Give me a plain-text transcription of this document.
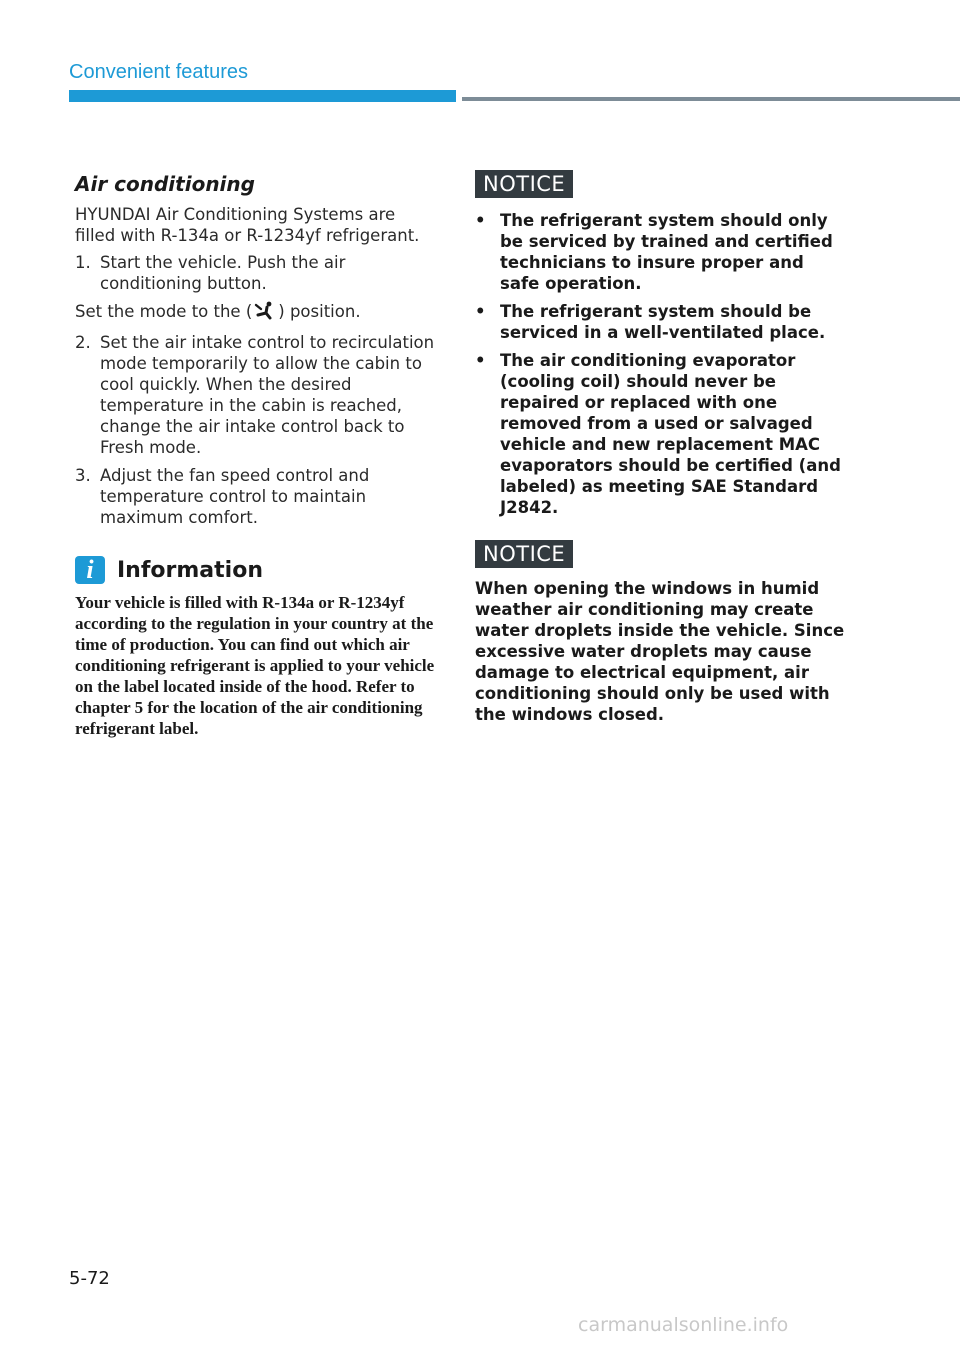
Convenient features
Air conditioning

HYUNDAI Air Conditioning Systems are filled with R-134a or R-1234yf refrigerant.

1. Start the vehicle. Push the air conditioning button.

Set the mode to the ( ) position.

2. Set the air intake control to recirculation mode temporarily to allow the cabin to cool quickly. When the desired temperature in the cabin is reached, change the air intake control back to Fresh mode.
3. Adjust the fan speed control and temperature control to maintain maximum comfort.
i	Information
Your vehicle is filled with R-134a or R-1234yf according to the regulation in your country at the time of production. You can find out which air conditioning refrigerant is applied to your vehicle on the label located inside of the hood. Refer to chapter 5 for the location of the air conditioning refrigerant label.
NOTICE
• The refrigerant system should only be serviced by trained and certified technicians to insure proper and safe operation.
• The refrigerant system should be serviced in a well-ventilated place.
• The air conditioning evaporator (cooling coil) should never be repaired or replaced with one removed from a used or salvaged vehicle and new replacement MAC evaporators should be certified (and labeled) as meeting SAE Standard J2842.
NOTICE
When opening the windows in humid weather air conditioning may create water droplets inside the vehicle. Since excessive water droplets may cause damage to electrical equipment, air conditioning should only be used with the windows closed.
5-72
carmanualsonline.info
